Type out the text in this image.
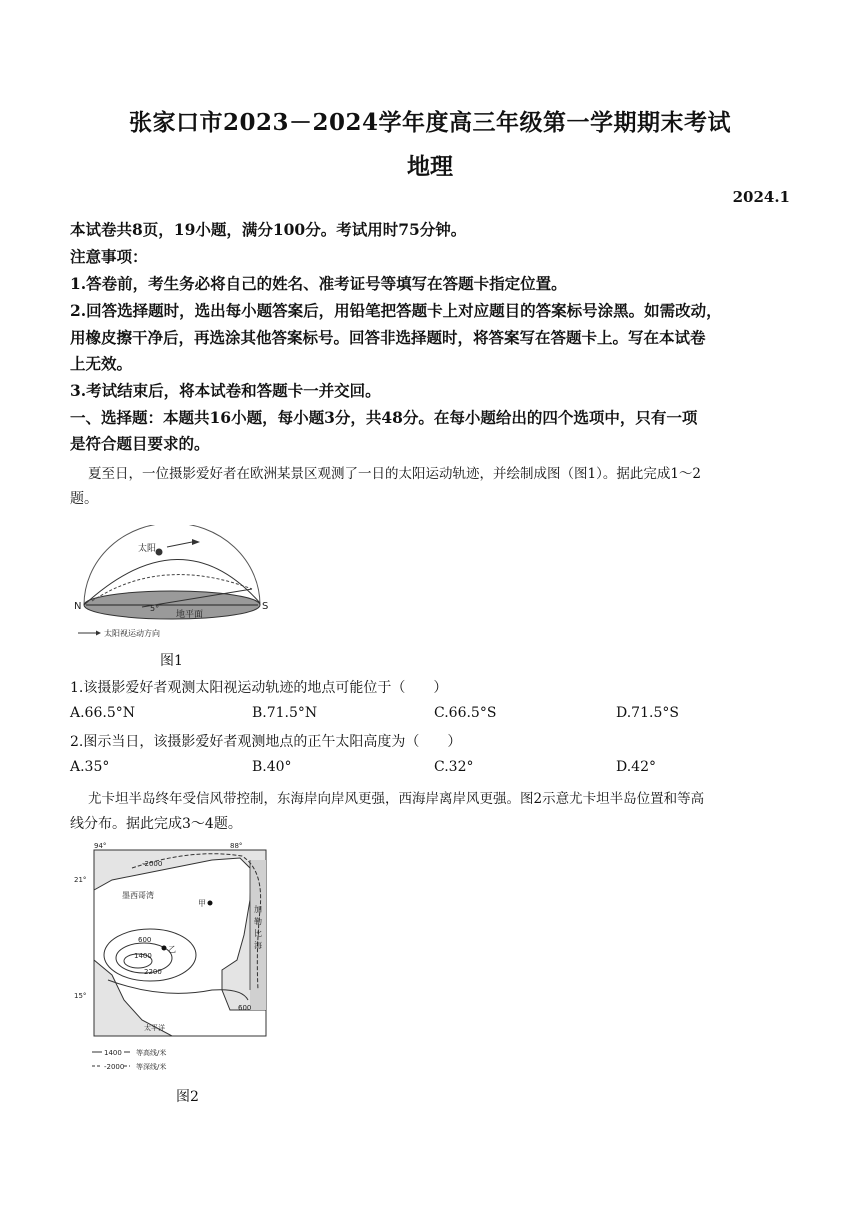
张家口市2023－2024学年度高三年级第一学期期末考试
地理
2024.1
本试卷共8页，19小题，满分100分。考试用时75分钟。
注意事项：
1.答卷前，考生务必将自己的姓名、准考证号等填写在答题卡指定位置。
2.回答选择题时，选出每小题答案后，用铅笔把答题卡上对应题目的答案标号涂黑。如需改动，
用橡皮擦干净后，再选涂其他答案标号。回答非选择题时，将答案写在答题卡上。写在本试卷
上无效。
3.考试结束后，将本试卷和答题卡一并交回。
一、选择题：本题共16小题，每小题3分，共48分。在每小题给出的四个选项中，只有一项
是符合题目要求的。
夏至日，一位摄影爱好者在欧洲某景区观测了一日的太阳运动轨迹，并绘制成图（图1）。据此完成1～2
题。
太阳
N	S
5°
地平面
太阳视运动方向
图1
1.该摄影爱好者观测太阳视运动轨迹的地点可能位于（　　）
A.66.5°N	B.71.5°N	C.66.5°S	D.71.5°S
2.图示当日，该摄影爱好者观测地点的正午太阳高度为（　　）
A.35°	B.40°	C.32°	D.42°
尤卡坦半岛终年受信风带控制，东海岸向岸风更强，西海岸离岸风更强。图2示意尤卡坦半岛位置和等高
线分布。据此完成3～4题。
94°	88°
21°
15°
墨西哥湾
-2000
甲
乙
600
1400
2200
600
太平洋
加 勒 比 海
1400 等高线/米
-2000 等深线/米
图2
